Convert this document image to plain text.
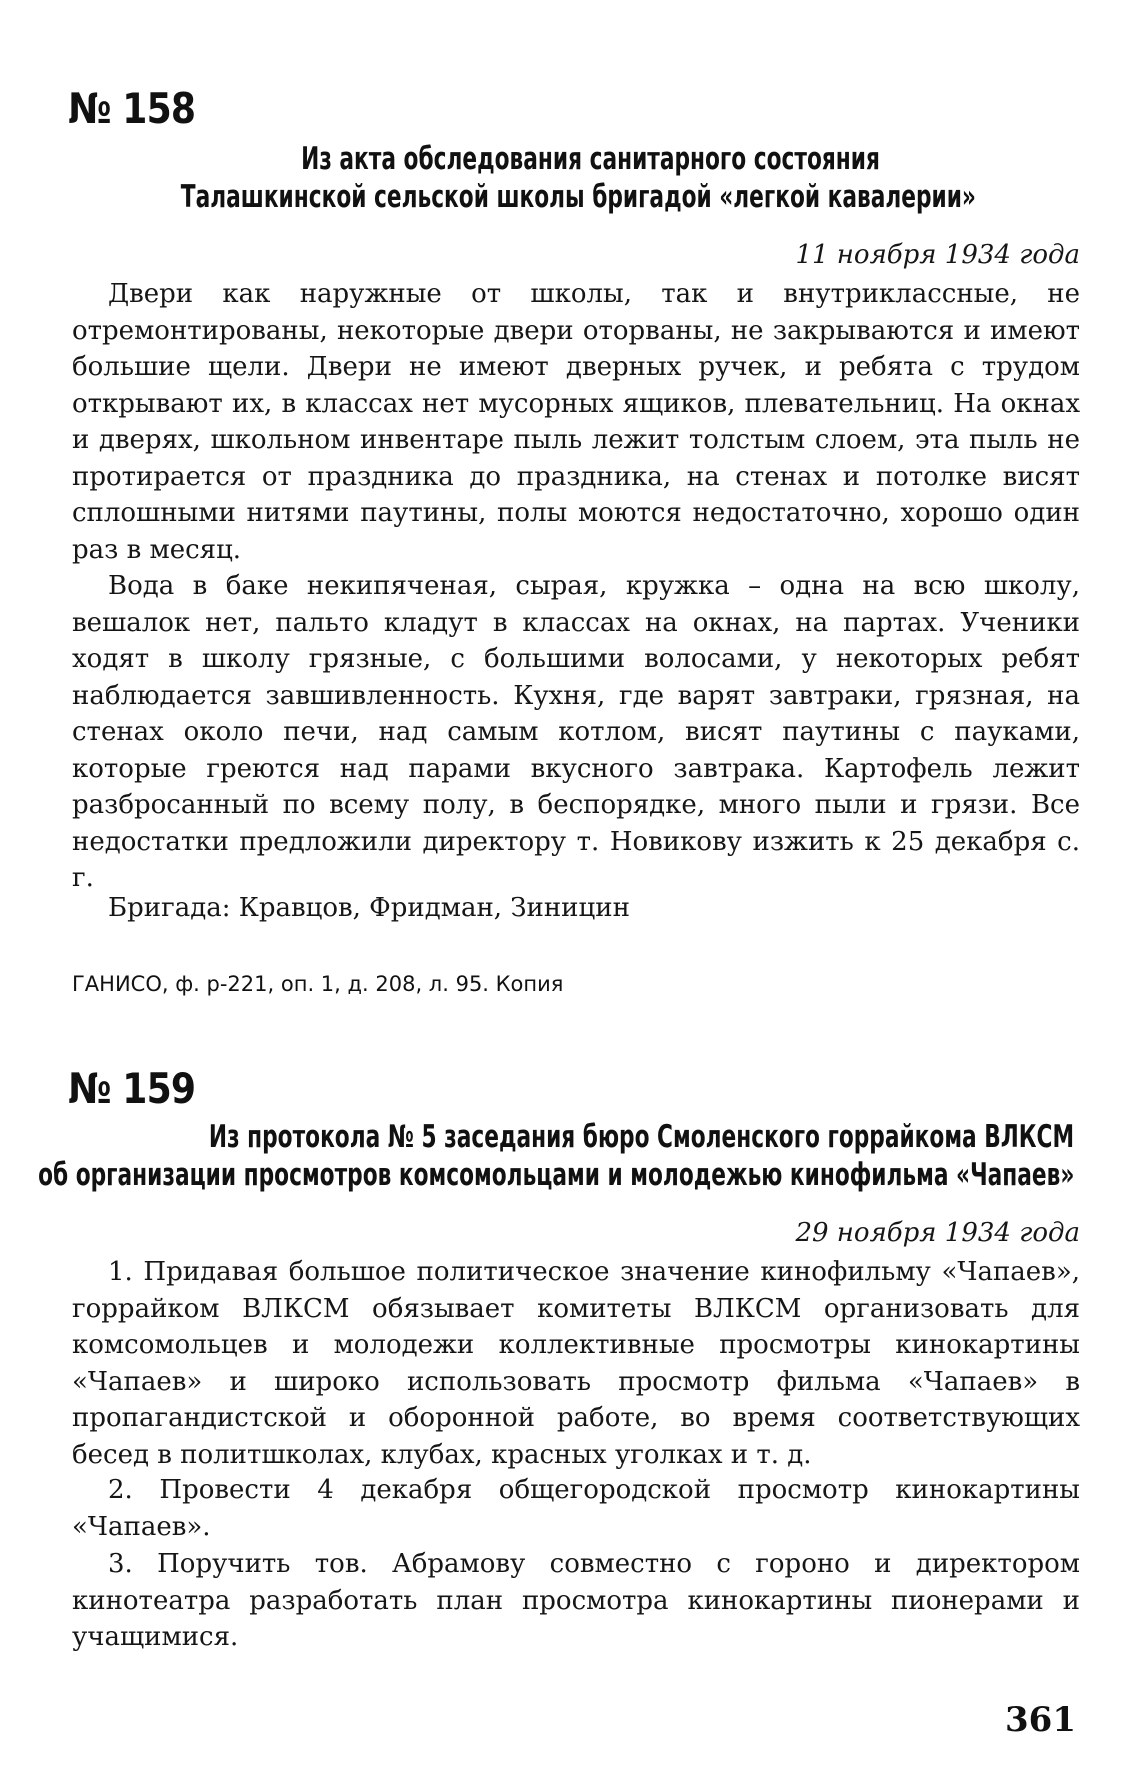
№ 158
Из акта обследования санитарного состояния
Талашкинской сельской школы бригадой «легкой кавалерии»
11 ноября 1934 года
Двери как наружные от школы, так и внутриклассные, не отремонтированы, некоторые двери оторваны, не закрываются и имеют большие щели. Двери не имеют дверных ручек, и ребята с трудом открывают их, в классах нет мусорных ящиков, плевательниц. На окнах и дверях, школьном инвентаре пыль лежит толстым слоем, эта пыль не протирается от праздника до праздника, на стенах и потолке висят сплошными нитями паутины, полы моются недостаточно, хорошо один раз в месяц.
Вода в баке некипяченая, сырая, кружка – одна на всю школу, вешалок нет, пальто кладут в классах на окнах, на партах. Ученики ходят в школу грязные, с большими волосами, у некоторых ребят наблюдается завшивленность. Кухня, где варят завтраки, грязная, на стенах около печи, над самым котлом, висят паутины с пауками, которые греются над парами вкусного завтрака. Картофель лежит разбросанный по всему полу, в беспорядке, много пыли и грязи. Все недостатки предложили директору т. Новикову изжить к 25 декабря с. г.
Бригада: Кравцов, Фридман, Зиницин
ГАНИСО, ф. р-221, оп. 1, д. 208, л. 95. Копия
№ 159
Из протокола № 5 заседания бюро Смоленского горрайкома ВЛКСМ
об организации просмотров комсомольцами и молодежью кинофильма «Чапаев»
29 ноября 1934 года
1. Придавая большое политическое значение кинофильму «Чапаев», горрайком ВЛКСМ обязывает комитеты ВЛКСМ организовать для комсомольцев и молодежи коллективные просмотры кинокартины «Чапаев» и широко использовать просмотр фильма «Чапаев» в пропагандистской и оборонной работе, во время соответствующих бесед в политшколах, клубах, красных уголках и т. д.
2. Провести 4 декабря общегородской просмотр кинокартины «Чапаев».
3. Поручить тов. Абрамову совместно с гороно и директором кинотеатра разработать план просмотра кинокартины пионерами и учащимися.
361
